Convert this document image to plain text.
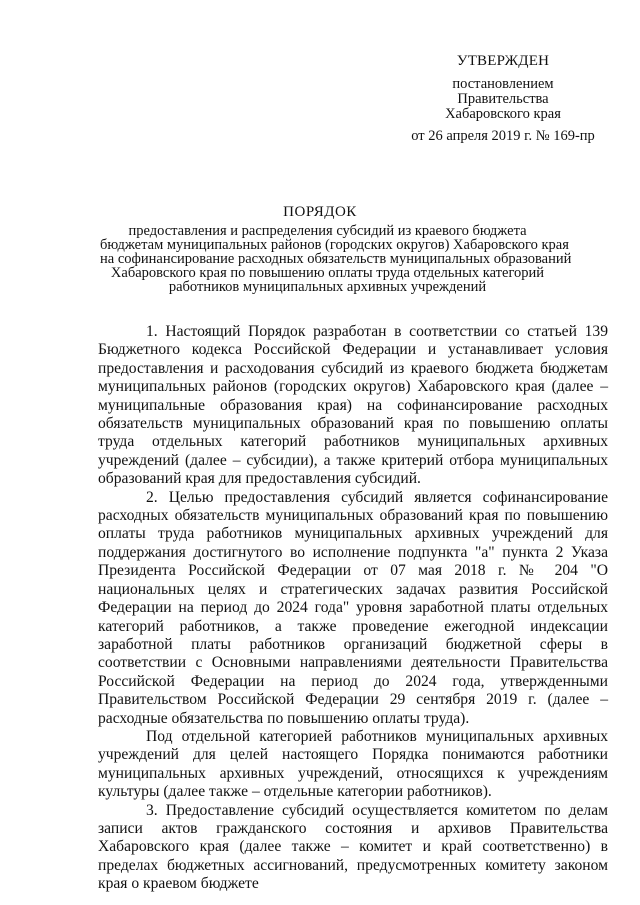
УТВЕРЖДЕН
постановлением
Правительства
Хабаровского края
от 26 апреля 2019 г. № 169-пр
ПОРЯДОК
предоставления и распределения субсидий из краевого бюджета
бюджетам муниципальных районов (городских округов) Хабаровского края
на софинансирование расходных обязательств муниципальных образований
Хабаровского края по повышению оплаты труда отдельных категорий
работников муниципальных архивных учреждений

1. Настоящий Порядок разработан в соответствии со статьей 139 Бюджетного кодекса Российской Федерации и устанавливает условия предоставления и расходования субсидий из краевого бюджета бюджетам муниципальных районов (городских округов) Хабаровского края (далее – муниципальные образования края) на софинансирование расходных обязательств муниципальных образований края по повышению оплаты труда отдельных категорий работников муниципальных архивных учреждений (далее – субсидии), а также критерий отбора муниципальных образований края для предоставления субсидий.

2. Целью предоставления субсидий является софинансирование расходных обязательств муниципальных образований края по повышению оплаты труда работников муниципальных архивных учреждений для поддержания достигнутого во исполнение подпункта "а" пункта 2 Указа Президента Российской Федерации от 07 мая 2018 г. № 204 "О национальных целях и стратегических задачах развития Российской Федерации на период до 2024 года" уровня заработной платы отдельных категорий работников, а также проведение ежегодной индексации заработной платы работников организаций бюджетной сферы в соответствии с Основными направлениями деятельности Правительства Российской Федерации на период до 2024 года, утвержденными Правительством Российской Федерации 29 сентября 2019 г. (далее – расходные обязательства по повышению оплаты труда).

Под отдельной категорией работников муниципальных архивных учреждений для целей настоящего Порядка понимаются работники муниципальных архивных учреждений, относящихся к учреждениям культуры (далее также – отдельные категории работников).

3. Предоставление субсидий осуществляется комитетом по делам записи актов гражданского состояния и архивов Правительства Хабаровского края (далее также – комитет и край соответственно) в пределах бюджетных ассигнований, предусмотренных комитету законом края о краевом бюджете
